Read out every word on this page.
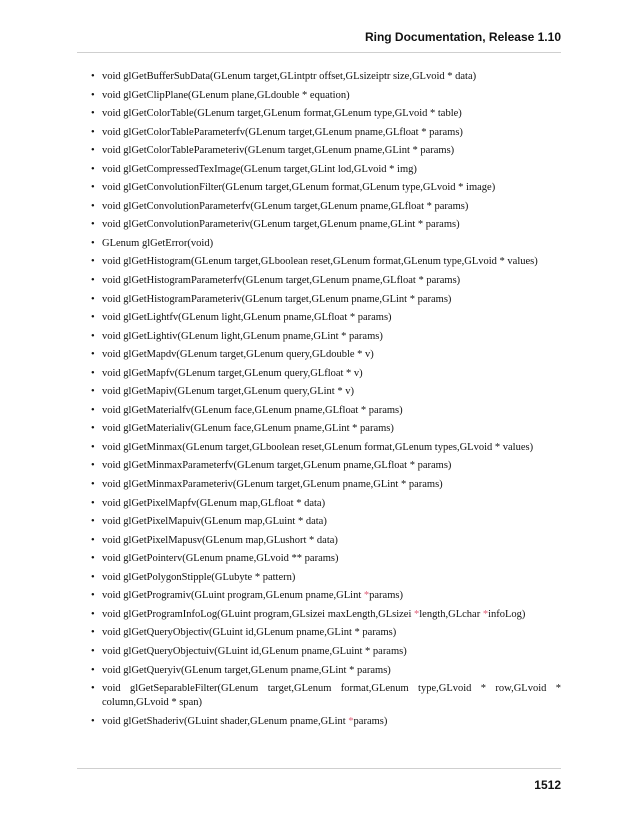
Ring Documentation, Release 1.10
• void glGetBufferSubData(GLenum target,GLintptr offset,GLsizeiptr size,GLvoid * data)
• void glGetClipPlane(GLenum plane,GLdouble * equation)
• void glGetColorTable(GLenum target,GLenum format,GLenum type,GLvoid * table)
• void glGetColorTableParameterfv(GLenum target,GLenum pname,GLfloat * params)
• void glGetColorTableParameteriv(GLenum target,GLenum pname,GLint * params)
• void glGetCompressedTexImage(GLenum target,GLint lod,GLvoid * img)
• void glGetConvolutionFilter(GLenum target,GLenum format,GLenum type,GLvoid * image)
• void glGetConvolutionParameterfv(GLenum target,GLenum pname,GLfloat * params)
• void glGetConvolutionParameteriv(GLenum target,GLenum pname,GLint * params)
• GLenum glGetError(void)
• void glGetHistogram(GLenum target,GLboolean reset,GLenum format,GLenum type,GLvoid * values)
• void glGetHistogramParameterfv(GLenum target,GLenum pname,GLfloat * params)
• void glGetHistogramParameteriv(GLenum target,GLenum pname,GLint * params)
• void glGetLightfv(GLenum light,GLenum pname,GLfloat * params)
• void glGetLightiv(GLenum light,GLenum pname,GLint * params)
• void glGetMapdv(GLenum target,GLenum query,GLdouble * v)
• void glGetMapfv(GLenum target,GLenum query,GLfloat * v)
• void glGetMapiv(GLenum target,GLenum query,GLint * v)
• void glGetMaterialfv(GLenum face,GLenum pname,GLfloat * params)
• void glGetMaterialiv(GLenum face,GLenum pname,GLint * params)
• void glGetMinmax(GLenum target,GLboolean reset,GLenum format,GLenum types,GLvoid * values)
• void glGetMinmaxParameterfv(GLenum target,GLenum pname,GLfloat * params)
• void glGetMinmaxParameteriv(GLenum target,GLenum pname,GLint * params)
• void glGetPixelMapfv(GLenum map,GLfloat * data)
• void glGetPixelMapuiv(GLenum map,GLuint * data)
• void glGetPixelMapusv(GLenum map,GLushort * data)
• void glGetPointerv(GLenum pname,GLvoid ** params)
• void glGetPolygonStipple(GLubyte * pattern)
• void glGetProgramiv(GLuint program,GLenum pname,GLint *params)
• void glGetProgramInfoLog(GLuint program,GLsizei maxLength,GLsizei *length,GLchar *infoLog)
• void glGetQueryObjectiv(GLuint id,GLenum pname,GLint * params)
• void glGetQueryObjectuiv(GLuint id,GLenum pname,GLuint * params)
• void glGetQueryiv(GLenum target,GLenum pname,GLint * params)
• void glGetSeparableFilter(GLenum target,GLenum format,GLenum type,GLvoid * row,GLvoid * column,GLvoid * span)
• void glGetShaderiv(GLuint shader,GLenum pname,GLint *params)
1512
